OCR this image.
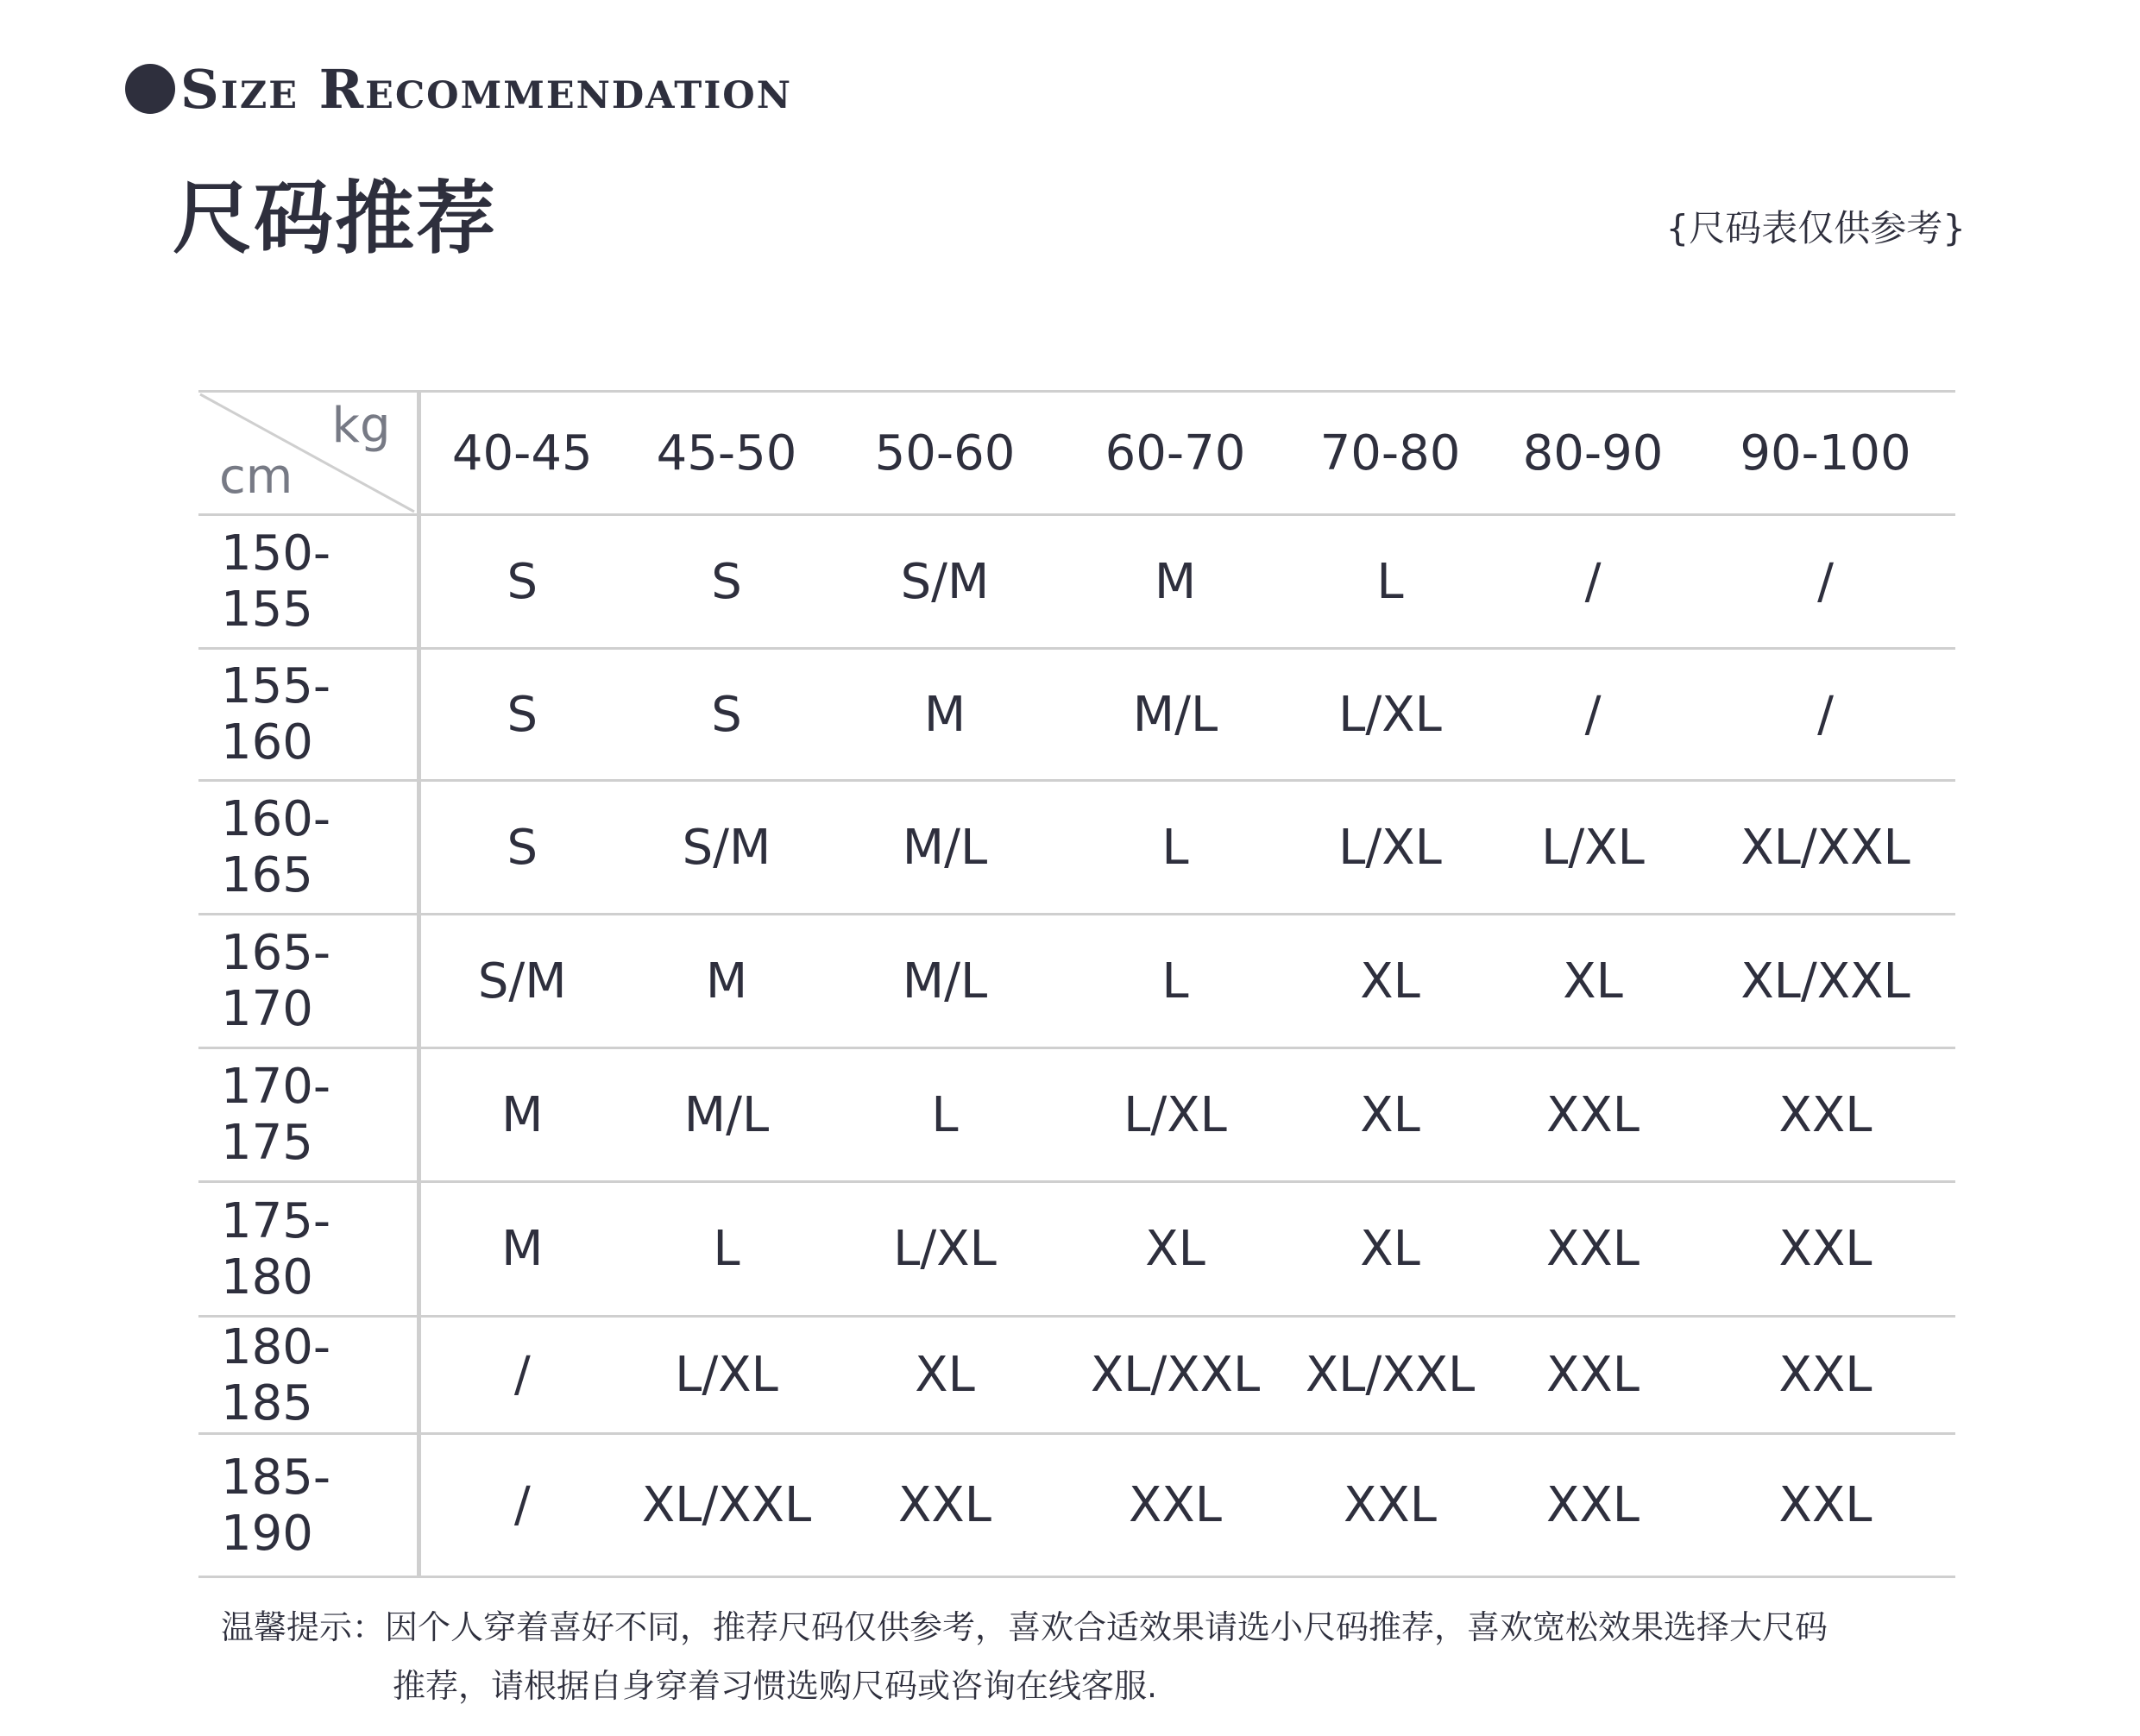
Size Recommendation
尺码推荐	{尺码表仅供参考}
kg
cm	40-45	45-50	50-60	60-70	70-80	80-90	90-100
150-155	S	S	S/M	M	L	/	/
155-160	S	S	M	M/L	L/XL	/	/
160-165	S	S/M	M/L	L	L/XL	L/XL	XL/XXL
165-170	S/M	M	M/L	L	XL	XL	XL/XXL
170-175	M	M/L	L	L/XL	XL	XXL	XXL
175-180	M	L	L/XL	XL	XL	XXL	XXL
180-185	/	L/XL	XL	XL/XXL	XL/XXL	XXL	XXL
185-190	/	XL/XXL	XXL	XXL	XXL	XXL	XXL
温馨提示：因个人穿着喜好不同，推荐尺码仅供参考，喜欢合适效果请选小尺码推荐，喜欢宽松效果选择大尺码
推荐，请根据自身穿着习惯选购尺码或咨询在线客服.
